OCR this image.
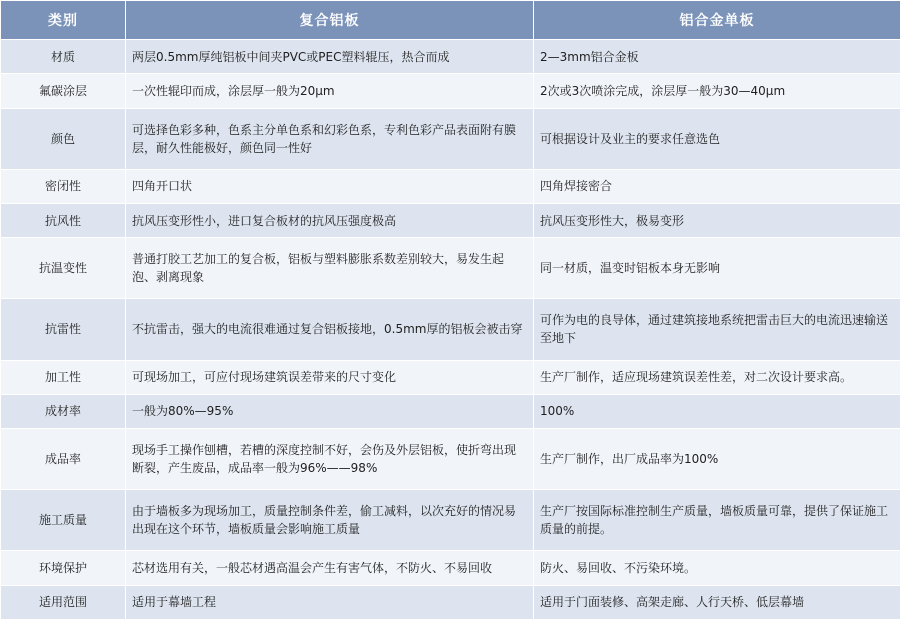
类别	复合铝板	铝合金单板
材质	两层0.5mm厚纯铝板中间夹PVC或PEC塑料辊压，热合而成	2—3mm铝合金板
氟碳涂层	一次性辊印而成，涂层厚一般为20μm	2次或3次喷涂完成，涂层厚一般为30—40μm
颜色	可选择色彩多种，色系主分单色系和幻彩色系，专利色彩产品表面附有膜层，耐久性能极好，颜色同一性好	可根据设计及业主的要求任意选色
密闭性	四角开口状	四角焊接密合
抗风性	抗风压变形性小，进口复合板材的抗风压强度极高	抗风压变形性大，极易变形
抗温变性	普通打胶工艺加工的复合板，铝板与塑料膨胀系数差别较大，易发生起泡、剥离现象	同一材质，温变时铝板本身无影响
抗雷性	不抗雷击，强大的电流很难通过复合铝板接地，0.5mm厚的铝板会被击穿	可作为电的良导体，通过建筑接地系统把雷击巨大的电流迅速输送至地下
加工性	可现场加工，可应付现场建筑误差带来的尺寸变化	生产厂制作，适应现场建筑误差性差，对二次设计要求高。
成材率	一般为80%—95%	100%
成品率	现场手工操作刨槽，若槽的深度控制不好，会伤及外层铝板，使折弯出现断裂，产生废品，成品率一般为96%——98%	生产厂制作，出厂成品率为100%
施工质量	由于墙板多为现场加工，质量控制条件差，偷工减料，以次充好的情况易出现在这个环节，墙板质量会影响施工质量	生产厂按国际标准控制生产质量，墙板质量可靠，提供了保证施工质量的前提。
环境保护	芯材选用有关，一般芯材遇高温会产生有害气体，不防火、不易回收	防火、易回收、不污染环境。
适用范围	适用于幕墙工程	适用于门面装修、高架走廊、人行天桥、低层幕墙
